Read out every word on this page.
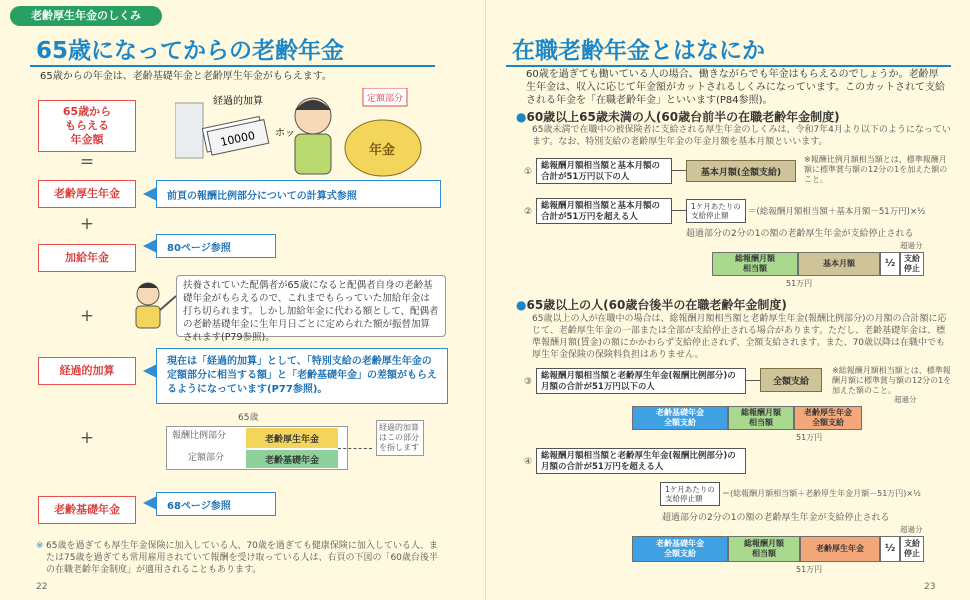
老齢厚生年金のしくみ
65歳になってからの老齢年金
65歳からの年金は、老齢基礎年金と老齢厚生年金がもらえます。
65歳から
もらえる
年金額
=
10000
経過的加算
ホッ
定額部分
年金
老齢厚生年金	前頁の報酬比例部分についての計算式参照
+
加給年金
80ページ参照
扶養されていた配偶者が65歳になると配偶者自身の老齢基礎年金がもらえるので、これまでもらっていた加給年金は打ち切られます。しかし加給年金に代わる額として、配偶者の老齢基礎年金に生年月日ごとに定められた額が振替加算されます(P79参照)。
+
経過的加算
現在は「経過的加算」として、「特別支給の老齢厚生年金の定額部分に相当する額」と「老齢基礎年金」の差額がもらえるようになっています(P77参照)。
65歳
報酬比例部分
定額部分
老齢厚生年金
老齢基礎年金
経過的加算はこの部分を指します
+
老齢基礎年金	68ページ参照
※ 65歳を過ぎても厚生年金保険に加入している人、70歳を過ぎても健康保険に加入している人、または75歳を過ぎても常用雇用されていて報酬を受け取っている人は、右頁の下図の「60歳台後半の在職老齢年金制度」が適用されることもあります。
22
在職老齢年金とはなにか
60歳を過ぎても働いている人の場合、働きながらでも年金はもらえるのでしょうか。老齢厚生年金は、収入に応じて年金額がカットされるしくみになっています。このカットされて支給される年金を「在職老齢年金」といいます(P84参照)。
●60歳以上65歳未満の人(60歳台前半の在職老齢年金制度)
65歳未満で在職中の被保険者に支給される厚生年金のしくみは、令和7年4月より以下のようになっています。なお、特別支給の老齢厚生年金の年金月額を基本月額といいます。
①
総報酬月額相当額と基本月額の合計が51万円以下の人	基本月額(全額支給)
※報酬比例月額相当額とは、標準報酬月額に標準賞与額の12分の1を加えた額のこと。
②
総報酬月額相当額と基本月額の合計が51万円を超える人
1ケ月あたりの支給停止額	＝(総報酬月額相当額＋基本月額－51万円)×½
超過部分の2分の1の額の老齢厚生年金が支給停止される
超過分
総報酬月額
相当額
基本月額	½	支給
停止
51万円
●65歳以上の人(60歳台後半の在職老齢年金制度)
65歳以上の人が在職中の場合は、総報酬月額相当額と老齢厚生年金(報酬比例部分)の月額の合計額に応じて、老齢厚生年金の一部または全部が支給停止される場合があります。ただし、老齢基礎年金は、標準報酬月額(賃金)の額にかかわらず支給停止されず、全額支給されます。また、70歳以降は在職中でも厚生年金保険の保険料負担はありません。
③
総報酬月額相当額と老齢厚生年金(報酬比例部分)の月額の合計が51万円以下の人
全額支給
※総報酬月額相当額とは、標準報酬月額に標準賞与額の12分の1を加えた額のこと。
老齢基礎年金
全額支給
総報酬月額
相当額
老齢厚生年金
全額支給
51万円
超過分
④
総報酬月額相当額と老齢厚生年金(報酬比例部分)の月額の合計が51万円を超える人
1ケ月あたりの支給停止額
＝(総報酬月額相当額＋老齢厚生年金月額－51万円)×½
超過部分の2分の1の額の老齢厚生年金が支給停止される
超過分
老齢基礎年金
全額支給
総報酬月額
相当額
老齢厚生年金	½	支給
停止
51万円
23
